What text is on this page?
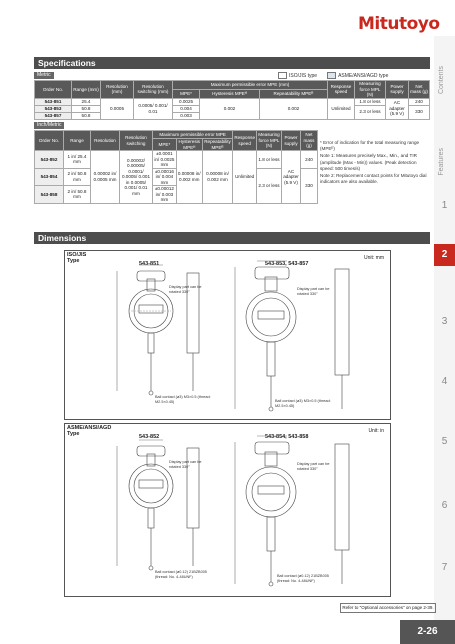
Mitutoyo
Contents
Features
1
2
3
4
5
6
7
Specifications
Metric	ISO/JIS type	ASME/ANSI/AGD type
Order No.	Range (mm)	Resolution (mm)	Resolution switching (mm)	Maximum permissible error MPE (mm)			Response speed	Measuring force MPL (N)	Power supply	Net mass (g)
				MPE*	Hysteresis MPEᴴ	Repeatability MPEᴿ				
543-851	25.4	0.0005	0.0005/ 0.001/ 0.01	0.0025	0.002	0.002	Unlimited	1.8 or less	AC adapter (5.9 V)	240
543-853	50.8			0.004				2.3 or less		330
543-857	50.8			0.003						
Inch/Metric
Order No.	Range	Resolution	Resolution switching	Maximum permissible error MPE			Response speed	Measuring force MPL (N)	Power supply	Net mass (g)
				MPE*	Hysteresis MPEᴴ	Repeatability MPEᴿ				
543-852	1 in/ 25.4 mm	0.00002 in/ 0.0005 mm	0.00002/ 0.00005/ 0.0001/ 0.0005/ 0.001 in 0.0005/ 0.001/ 0.01 mm	±0.0001 in/ 0.0025 mm	0.00008 in/ 0.002 mm	0.00008 in/ 0.002 mm	Unlimited	1.8 or less	AC adapter (5.9 V)	240
543-854	2 in/ 50.8 mm			±0.00016 in/ 0.004 mm				2.3 or less		330
543-858	2 in/ 50.8 mm			±0.00012 in/ 0.003 mm						
* Error of indication for the total measuring range (MPEᴱ)
Note 1: Measures precisely Max., Min., and TIR (amplitude (Max - Min)) values. (Peak detection speed: 500 times/s)
Note 2: Replacement contact points for Mitutoyo dial indicators are also available.
Dimensions
ISO/JIS Type
Unit: mm
543-851	543-853, 543-857
Display part can be rotated 330°
Display part can be rotated 330°
Ball contact (ø3) M3×0.5 (thread: M2.5×0.45)	Ball contact (ø3) M3×0.5 (thread: M2.5×0.45)
ASME/ANSI/AGD Type
Unit: in
543-852	543-854, 543-858
Display part can be rotated 330°
Display part can be rotated 330°
Ball contact (ø0.12) 21BZB005 (thread: No. 4-48UNF)	Ball contact (ø0.12) 21BZB005 (thread: No. 4-48UNF)
Refer to "Optional accessories" on page 2-39.
2-26
